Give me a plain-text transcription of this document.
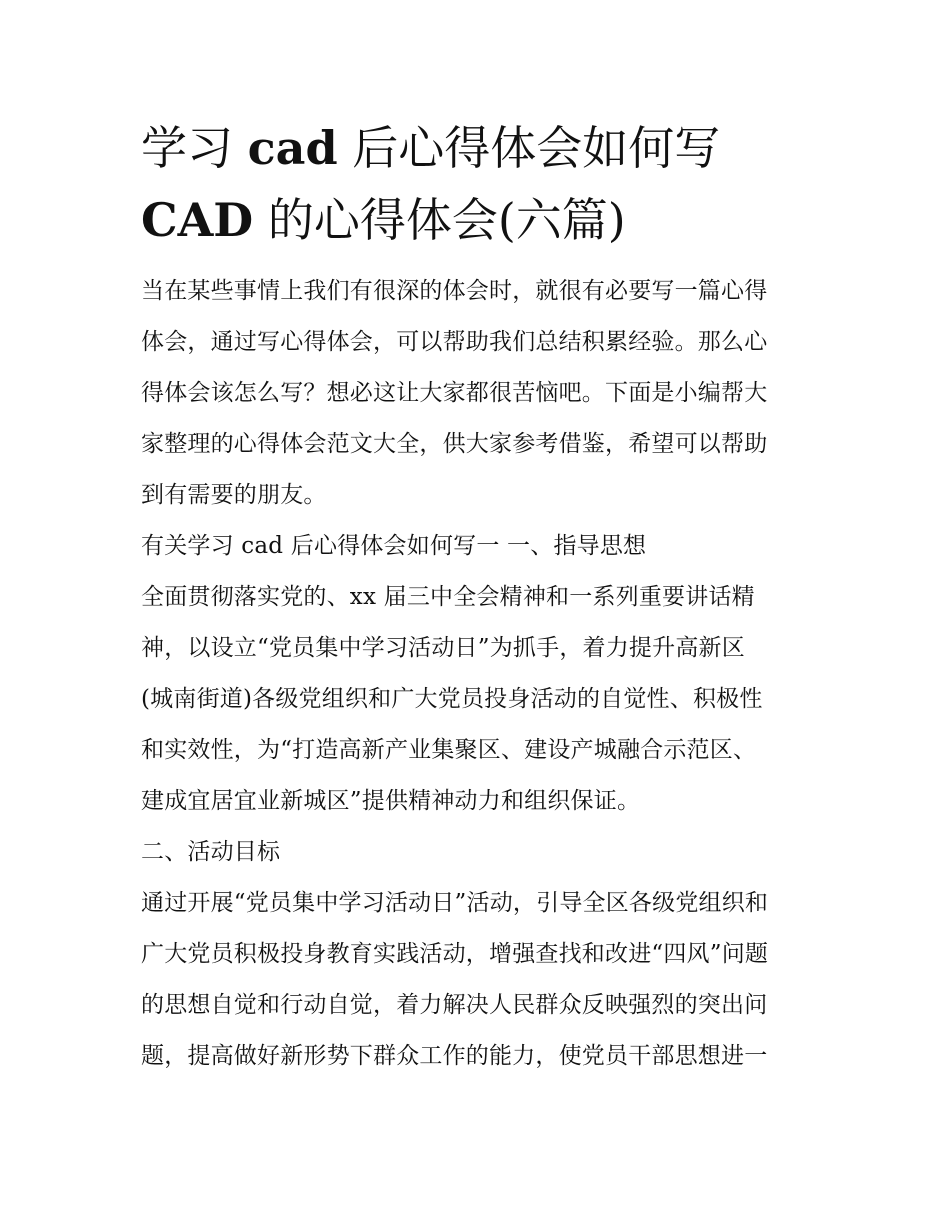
学习 cad 后心得体会如何写
CAD 的心得体会(六篇)

当在某些事情上我们有很深的体会时，就很有必要写一篇心得

体会，通过写心得体会，可以帮助我们总结积累经验。那么心

得体会该怎么写？想必这让大家都很苦恼吧。下面是小编帮大

家整理的心得体会范文大全，供大家参考借鉴，希望可以帮助

到有需要的朋友。

有关学习 cad 后心得体会如何写一 一、指导思想

全面贯彻落实党的、xx 届三中全会精神和一系列重要讲话精

神，以设立“党员集中学习活动日”为抓手，着力提升高新区

(城南街道)各级党组织和广大党员投身活动的自觉性、积极性

和实效性，为“打造高新产业集聚区、建设产城融合示范区、

建成宜居宜业新城区”提供精神动力和组织保证。

二、活动目标

通过开展“党员集中学习活动日”活动，引导全区各级党组织和

广大党员积极投身教育实践活动，增强查找和改进“四风”问题

的思想自觉和行动自觉，着力解决人民群众反映强烈的突出问

题，提高做好新形势下群众工作的能力，使党员干部思想进一
